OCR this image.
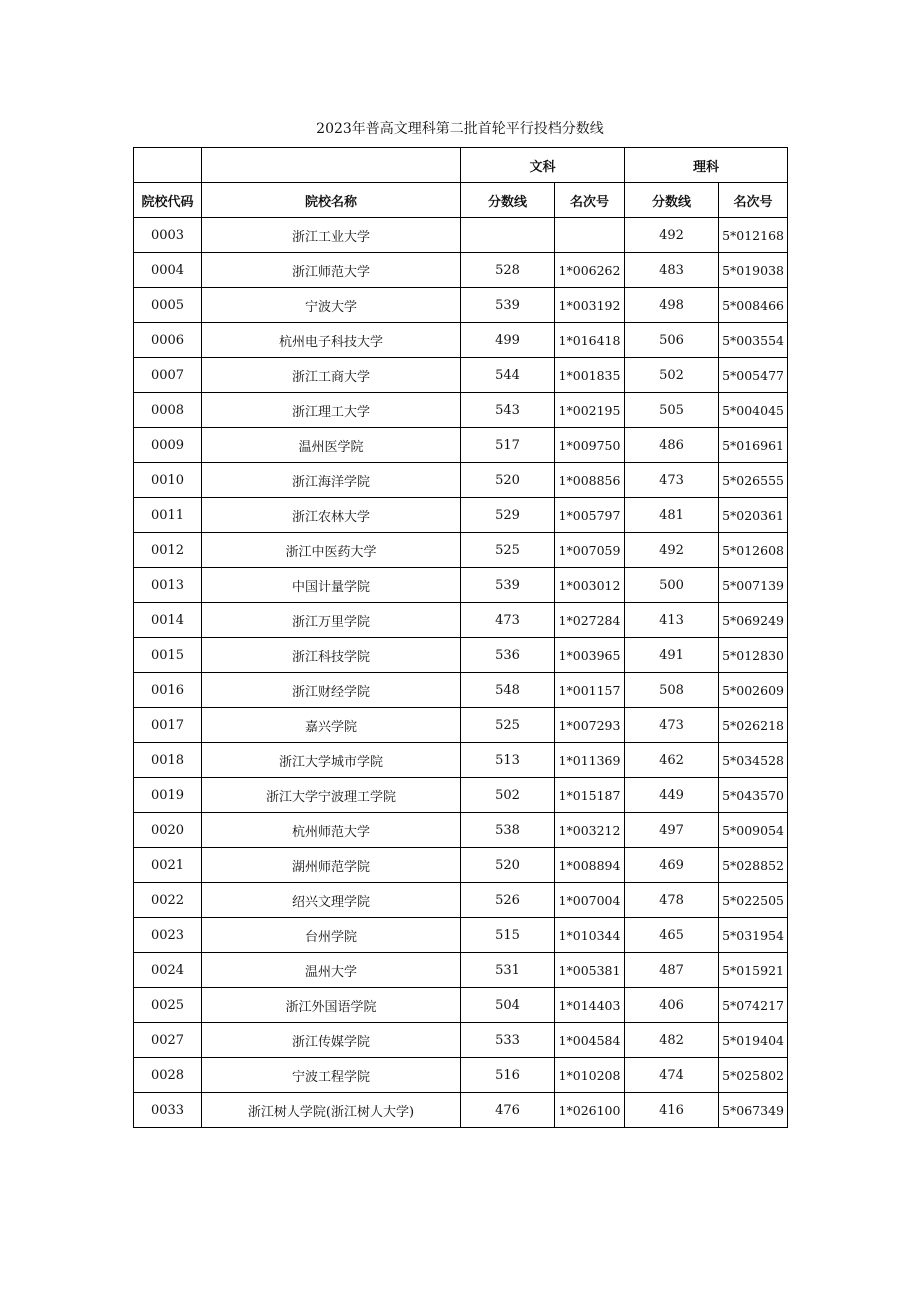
2023年普高文理科第二批首轮平行投档分数线
		文科		理科	
院校代码	院校名称	分数线	名次号	分数线	名次号
0003	浙江工业大学			492	5*012168
0004	浙江师范大学	528	1*006262	483	5*019038
0005	宁波大学	539	1*003192	498	5*008466
0006	杭州电子科技大学	499	1*016418	506	5*003554
0007	浙江工商大学	544	1*001835	502	5*005477
0008	浙江理工大学	543	1*002195	505	5*004045
0009	温州医学院	517	1*009750	486	5*016961
0010	浙江海洋学院	520	1*008856	473	5*026555
0011	浙江农林大学	529	1*005797	481	5*020361
0012	浙江中医药大学	525	1*007059	492	5*012608
0013	中国计量学院	539	1*003012	500	5*007139
0014	浙江万里学院	473	1*027284	413	5*069249
0015	浙江科技学院	536	1*003965	491	5*012830
0016	浙江财经学院	548	1*001157	508	5*002609
0017	嘉兴学院	525	1*007293	473	5*026218
0018	浙江大学城市学院	513	1*011369	462	5*034528
0019	浙江大学宁波理工学院	502	1*015187	449	5*043570
0020	杭州师范大学	538	1*003212	497	5*009054
0021	湖州师范学院	520	1*008894	469	5*028852
0022	绍兴文理学院	526	1*007004	478	5*022505
0023	台州学院	515	1*010344	465	5*031954
0024	温州大学	531	1*005381	487	5*015921
0025	浙江外国语学院	504	1*014403	406	5*074217
0027	浙江传媒学院	533	1*004584	482	5*019404
0028	宁波工程学院	516	1*010208	474	5*025802
0033	浙江树人学院(浙江树人大学)	476	1*026100	416	5*067349
